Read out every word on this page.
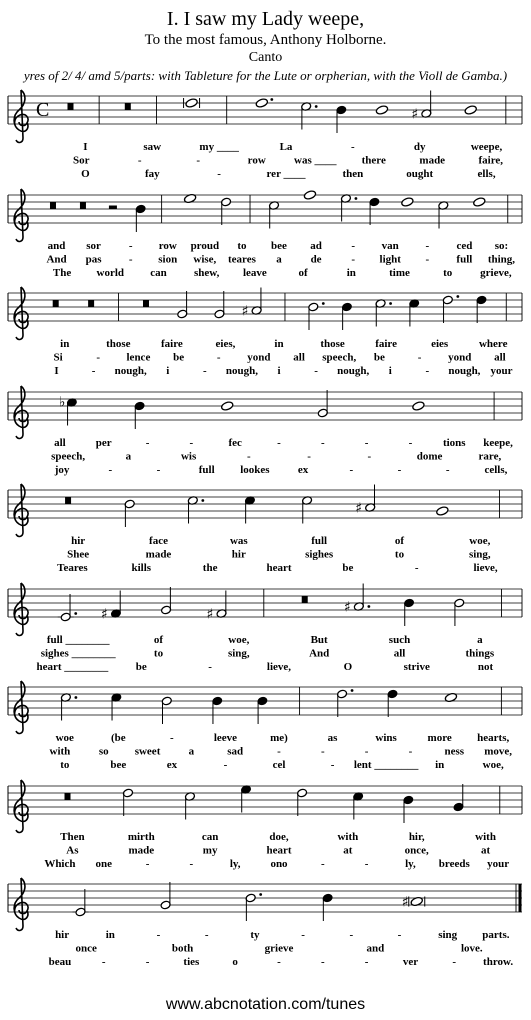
I. I saw my Lady weepe,
To the most famous, Anthony Holborne.
Canto
yres of 2/ 4/ amd 5/parts: with Tableture for the Lute or orpherian, with the Violl de Gamba.)
C	♯
I	saw	my ____	La	-	dy	weepe,
Sor	-	-	row	was ____ there	made	faire,
O	fay	-	rer ____	then	ought	ells,
and sor	- row proud to bee ad	- van - ced so:
And pas - sion wise, teares a	de	- light - full thing,
The world can shew, leave	of	in	time	to	grieve,
♯
in	those	faire	eies,	in	those	faire	eies	where
Si	- lence be	- yond all speech, be	- yond all
I	- nough, i	- nough, i	- nough, i	- nough, your
♭
all	per	-	-	fec	-	-	-	-	tions keepe,
speech,	a	wis	-	-	-	dome	rare,
joy	-	-	full lookes	ex	-	-	-	cells,
♯
hir	face	was	full	of	woe,
Shee	made	hir	sighes	to	sing,
Teares	kills	the	heart	be	-	lieve,
♯	♯	♯
full ________	of	woe,	But	such	a
sighes ________	to	sing,	And	all	things
heart ________ be	-	lieve,	O	strive	not
woe	(be	-	leeve	me)	as	wins	more hearts,
with	so sweet	a	sad	-	-	-	-	ness move,
to	bee	ex	-	cel	- lent ________ in	woe,
Then	mirth	can	doe,	with	hir,	with
As	made	my	heart	at	once,	at
Which one	-	-	ly,	ono	-	-	ly, breeds your
♯
hir	in	-	-	ty	-	-	-	sing parts.
once	both	grieve	and	love.
beau	-	-	ties	o	-	-	-	ver	- throw.
www.abcnotation.com/tunes
